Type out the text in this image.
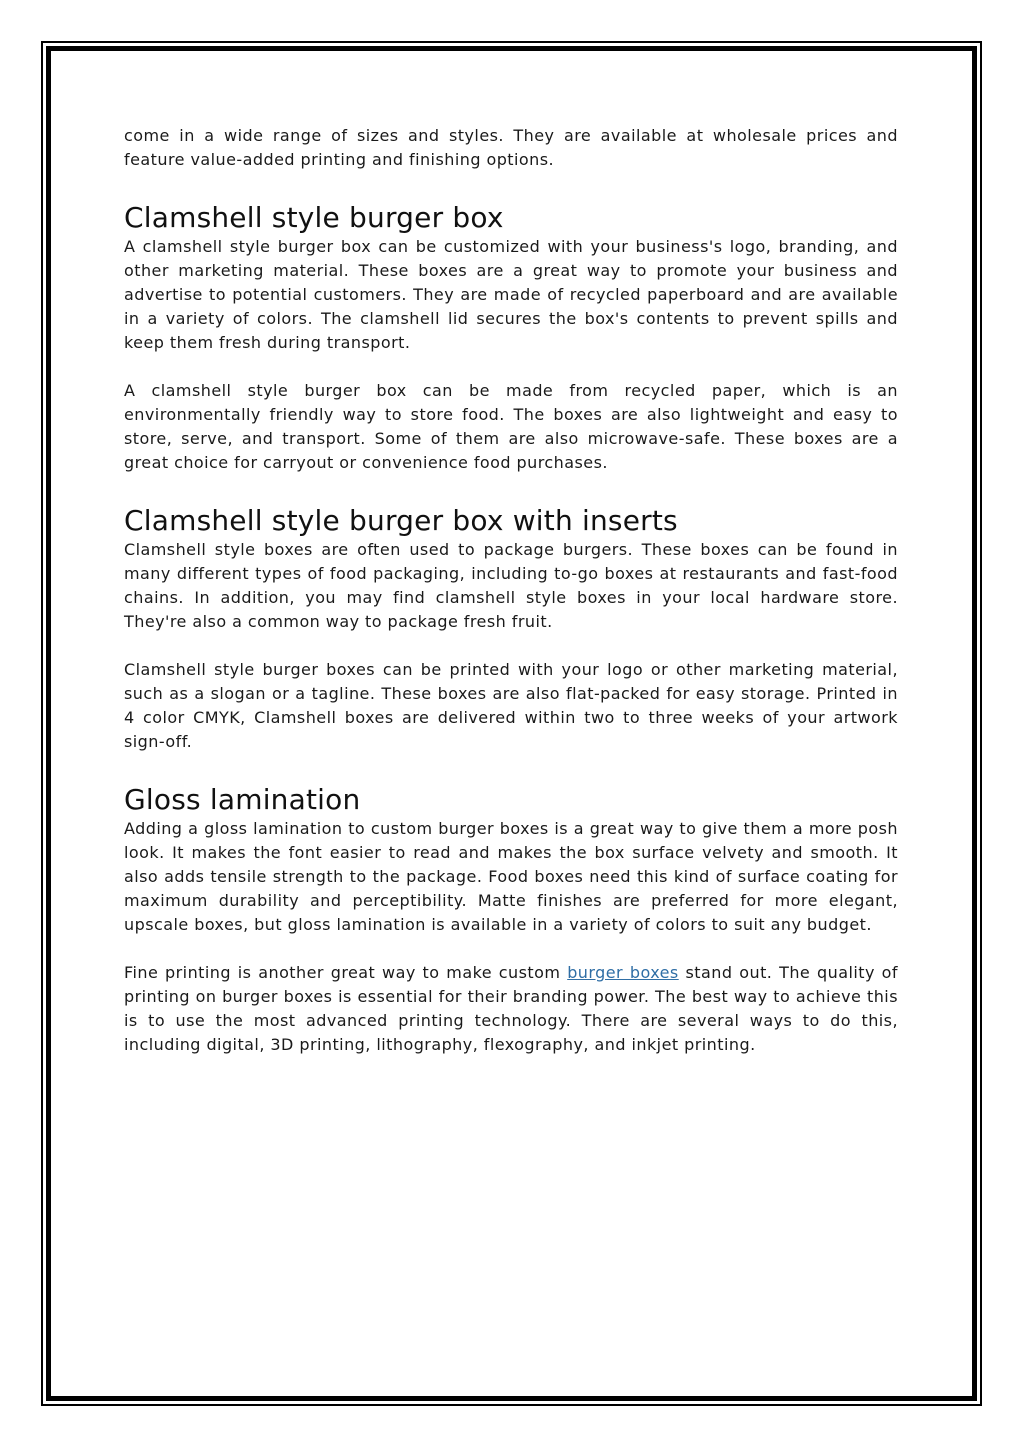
come in a wide range of sizes and styles. They are available at wholesale prices and feature value-added printing and finishing options.

Clamshell style burger box

A clamshell style burger box can be customized with your business's logo, branding, and other marketing material. These boxes are a great way to promote your business and advertise to potential customers. They are made of recycled paperboard and are available in a variety of colors. The clamshell lid secures the box's contents to prevent spills and keep them fresh during transport.

A clamshell style burger box can be made from recycled paper, which is an environmentally friendly way to store food. The boxes are also lightweight and easy to store, serve, and transport. Some of them are also microwave-safe. These boxes are a great choice for carryout or convenience food purchases.

Clamshell style burger box with inserts

Clamshell style boxes are often used to package burgers. These boxes can be found in many different types of food packaging, including to-go boxes at restaurants and fast-food chains. In addition, you may find clamshell style boxes in your local hardware store. They're also a common way to package fresh fruit.

Clamshell style burger boxes can be printed with your logo or other marketing material, such as a slogan or a tagline. These boxes are also flat-packed for easy storage. Printed in 4 color CMYK, Clamshell boxes are delivered within two to three weeks of your artwork sign-off.

Gloss lamination

Adding a gloss lamination to custom burger boxes is a great way to give them a more posh look. It makes the font easier to read and makes the box surface velvety and smooth. It also adds tensile strength to the package. Food boxes need this kind of surface coating for maximum durability and perceptibility. Matte finishes are preferred for more elegant, upscale boxes, but gloss lamination is available in a variety of colors to suit any budget.

Fine printing is another great way to make custom burger boxes stand out. The quality of printing on burger boxes is essential for their branding power. The best way to achieve this is to use the most advanced printing technology. There are several ways to do this, including digital, 3D printing, lithography, flexography, and inkjet printing.
